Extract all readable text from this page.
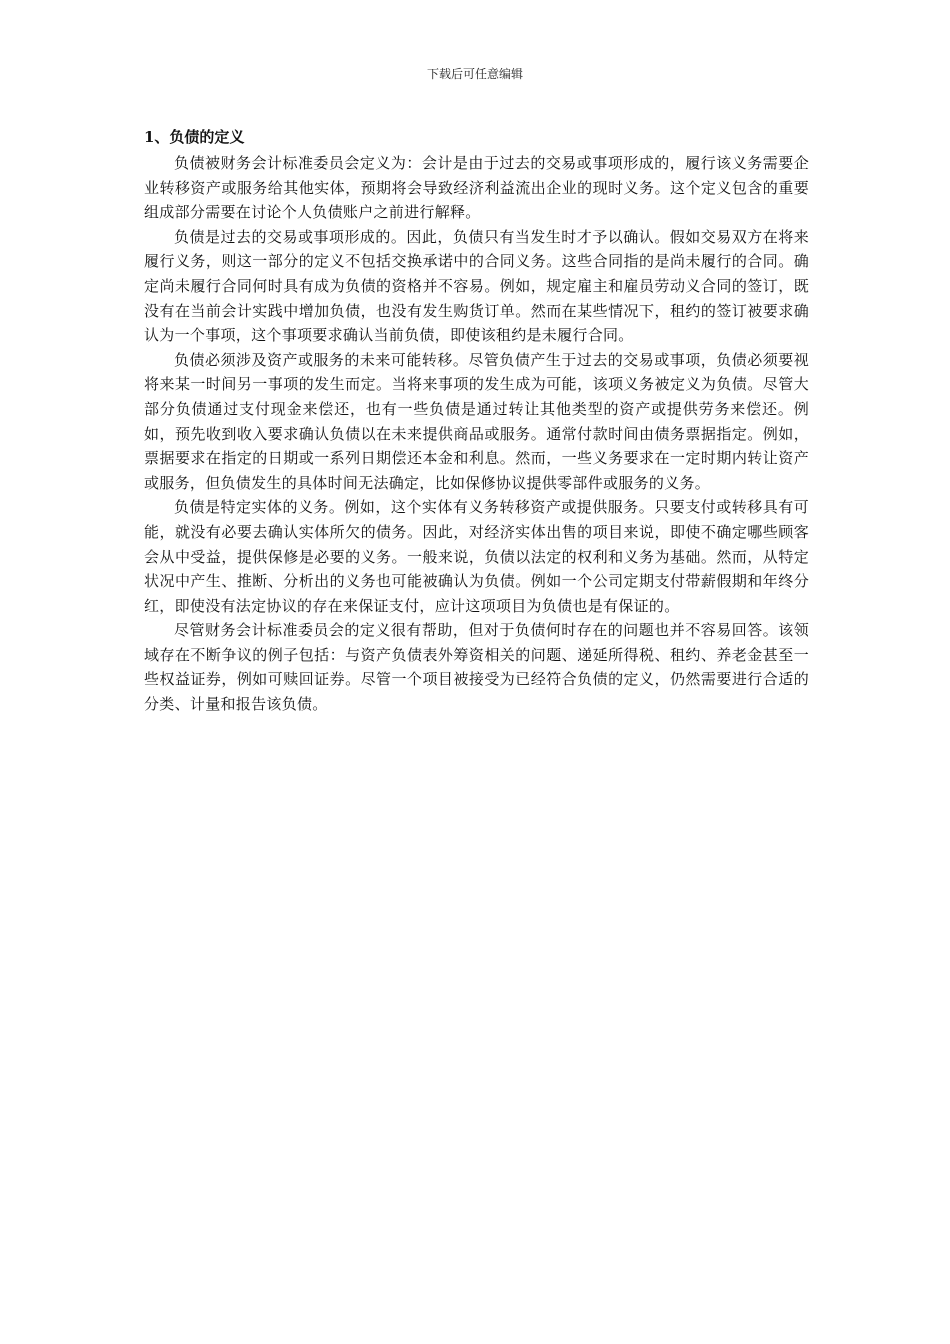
下载后可任意编辑
1、负债的定义

负债被财务会计标准委员会定义为：会计是由于过去的交易或事项形成的，履行该义务需要企业转移资产或服务给其他实体，预期将会导致经济利益流出企业的现时义务。这个定义包含的重要组成部分需要在讨论个人负债账户之前进行解释。

负债是过去的交易或事项形成的。因此，负债只有当发生时才予以确认。假如交易双方在将来履行义务，则这一部分的定义不包括交换承诺中的合同义务。这些合同指的是尚未履行的合同。确定尚未履行合同何时具有成为负债的资格并不容易。例如，规定雇主和雇员劳动义合同的签订，既没有在当前会计实践中增加负债，也没有发生购货订单。然而在某些情况下，租约的签订被要求确认为一个事项，这个事项要求确认当前负债，即使该租约是未履行合同。

负债必须涉及资产或服务的未来可能转移。尽管负债产生于过去的交易或事项，负债必须要视将来某一时间另一事项的发生而定。当将来事项的发生成为可能，该项义务被定义为负债。尽管大部分负债通过支付现金来偿还，也有一些负债是通过转让其他类型的资产或提供劳务来偿还。例如，预先收到收入要求确认负债以在未来提供商品或服务。通常付款时间由债务票据指定。例如，票据要求在指定的日期或一系列日期偿还本金和利息。然而，一些义务要求在一定时期内转让资产或服务，但负债发生的具体时间无法确定，比如保修协议提供零部件或服务的义务。

负债是特定实体的义务。例如，这个实体有义务转移资产或提供服务。只要支付或转移具有可能，就没有必要去确认实体所欠的债务。因此，对经济实体出售的项目来说，即使不确定哪些顾客会从中受益，提供保修是必要的义务。一般来说，负债以法定的权利和义务为基础。然而，从特定状况中产生、推断、分析出的义务也可能被确认为负债。例如一个公司定期支付带薪假期和年终分红，即使没有法定协议的存在来保证支付，应计这项项目为负债也是有保证的。

尽管财务会计标准委员会的定义很有帮助，但对于负债何时存在的问题也并不容易回答。该领域存在不断争议的例子包括：与资产负债表外筹资相关的问题、递延所得税、租约、养老金甚至一些权益证券，例如可赎回证券。尽管一个项目被接受为已经符合负债的定义，仍然需要进行合适的分类、计量和报告该负债。
